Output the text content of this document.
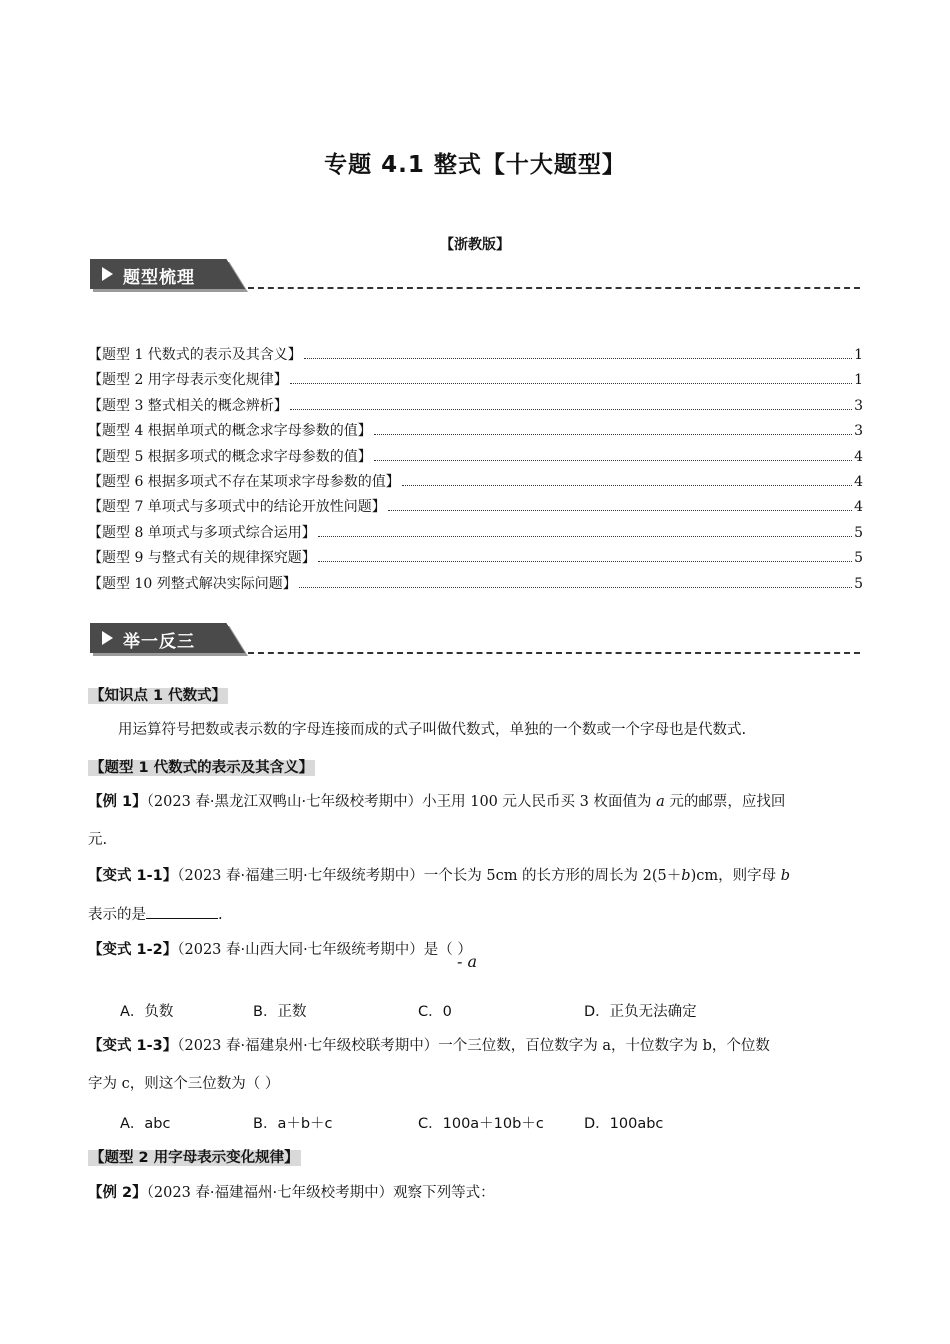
专题 4.1 整式【十大题型】
【浙教版】
题型梳理
【题型 1 代数式的表示及其含义】	1
【题型 2 用字母表示变化规律】	1
【题型 3 整式相关的概念辨析】	3
【题型 4 根据单项式的概念求字母参数的值】	3
【题型 5 根据多项式的概念求字母参数的值】	4
【题型 6 根据多项式不存在某项求字母参数的值】	4
【题型 7 单项式与多项式中的结论开放性问题】	4
【题型 8 单项式与多项式综合运用】	5
【题型 9 与整式有关的规律探究题】	5
【题型 10 列整式解决实际问题】	5
举一反三
【知识点 1 代数式】
用运算符号把数或表示数的字母连接而成的式子叫做代数式，单独的一个数或一个字母也是代数式.
【题型 1 代数式的表示及其含义】
【例 1】（2023 春·黑龙江双鸭山·七年级校考期中）小王用 100 元人民币买 3 枚面值为 a 元的邮票，应找回
元.
【变式 1-1】（2023 春·福建三明·七年级统考期中）一个长为 5cm 的长方形的周长为 2(5＋b)cm，则字母 b
表示的是	.
【变式 1-2】（2023 春·山西大同·七年级统考期中）是（ ）
- a
A．负数	B．正数	C．0	D．正负无法确定
【变式 1-3】（2023 春·福建泉州·七年级校联考期中）一个三位数，百位数字为 a，十位数字为 b，个位数
字为 c，则这个三位数为（ ）
A．abc	B．a＋b＋c	C．100a＋10b＋c	D．100abc
【题型 2 用字母表示变化规律】
【例 2】（2023 春·福建福州·七年级校考期中）观察下列等式：
